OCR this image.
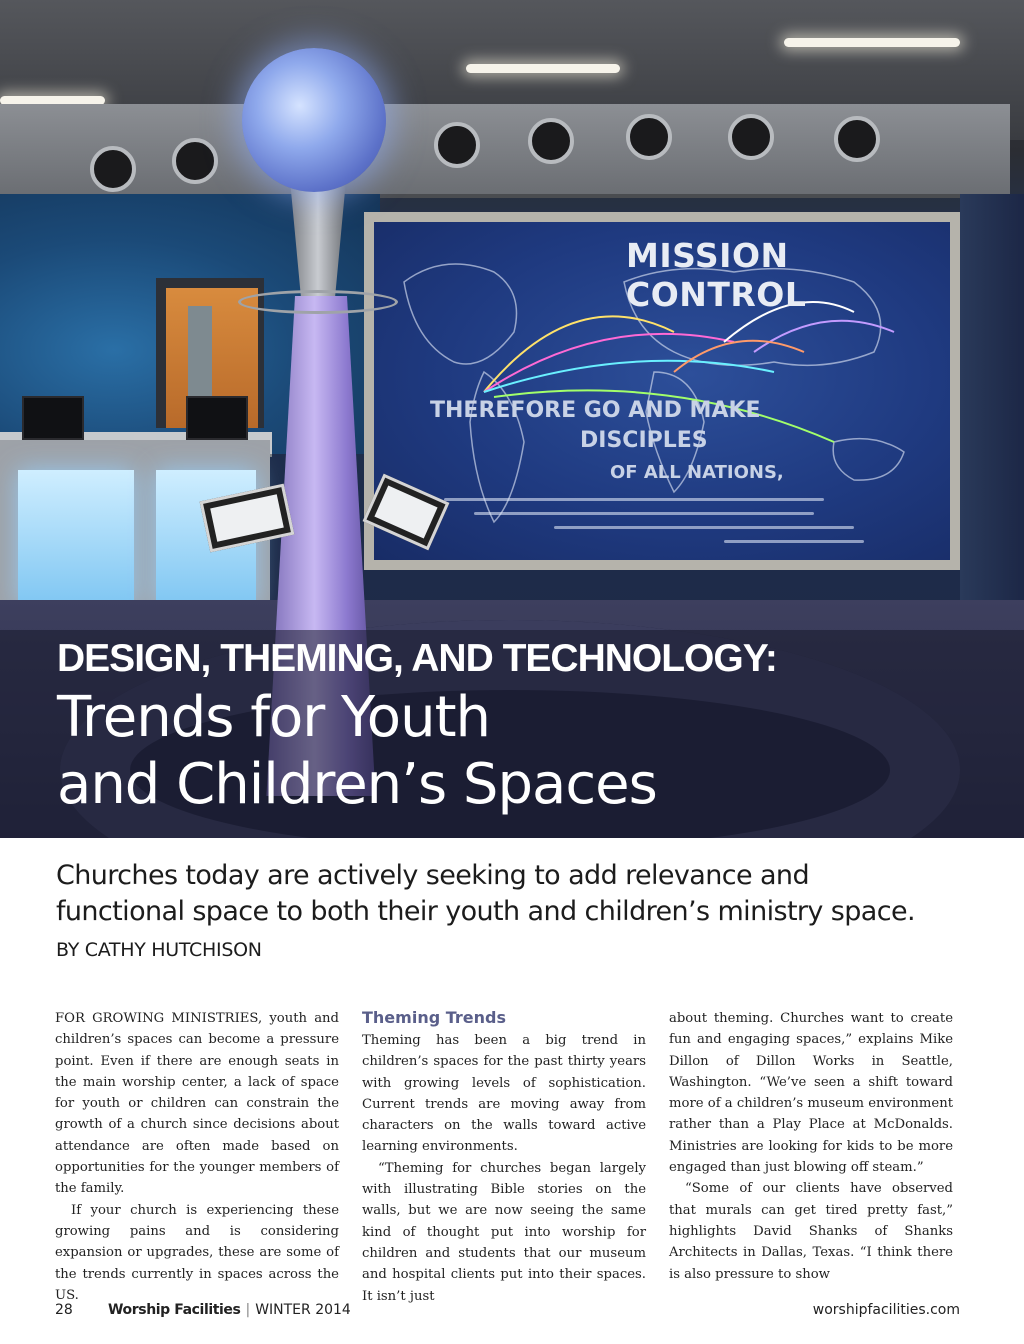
MISSION CONTROL
THEREFORE GO AND MAKE
DISCIPLES
OF ALL NATIONS,
DESIGN, THEMING, AND TECHNOLOGY:
Trends for Youth
and Children’s Spaces
Churches today are actively seeking to add relevance and
functional space to both their youth and children’s ministry space.
BY CATHY HUTCHISON

FOR GROWING MINISTRIES, youth and children’s spaces can become a pressure point. Even if there are enough seats in the main worship center, a lack of space for youth or children can constrain the growth of a church since decisions about attendance are often made based on opportunities for the younger members of the family.

If your church is experiencing these growing pains and is considering expansion or upgrades, these are some of the trends currently in spaces across the US.

Theming Trends

Theming has been a big trend in children’s spaces for the past thirty years with growing levels of sophistication. Current trends are moving away from characters on the walls toward active learning environments.

“Theming for churches began largely with illustrating Bible stories on the walls, but we are now seeing the same kind of thought put into worship for children and students that our museum and hospital clients put into their spaces. It isn’t just

about theming. Churches want to create fun and engaging spaces,” explains Mike Dillon of Dillon Works in Seattle, Washington. “We’ve seen a shift toward more of a children’s museum environment rather than a Play Place at McDonalds. Ministries are looking for kids to be more engaged than just blowing off steam.”

“Some of our clients have observed that murals can get tired pretty fast,” highlights David Shanks of Shanks Architects in Dallas, Texas. “I think there is also pressure to show

28	Worship Facilities | WINTER 2014	worshipfacilities.com
